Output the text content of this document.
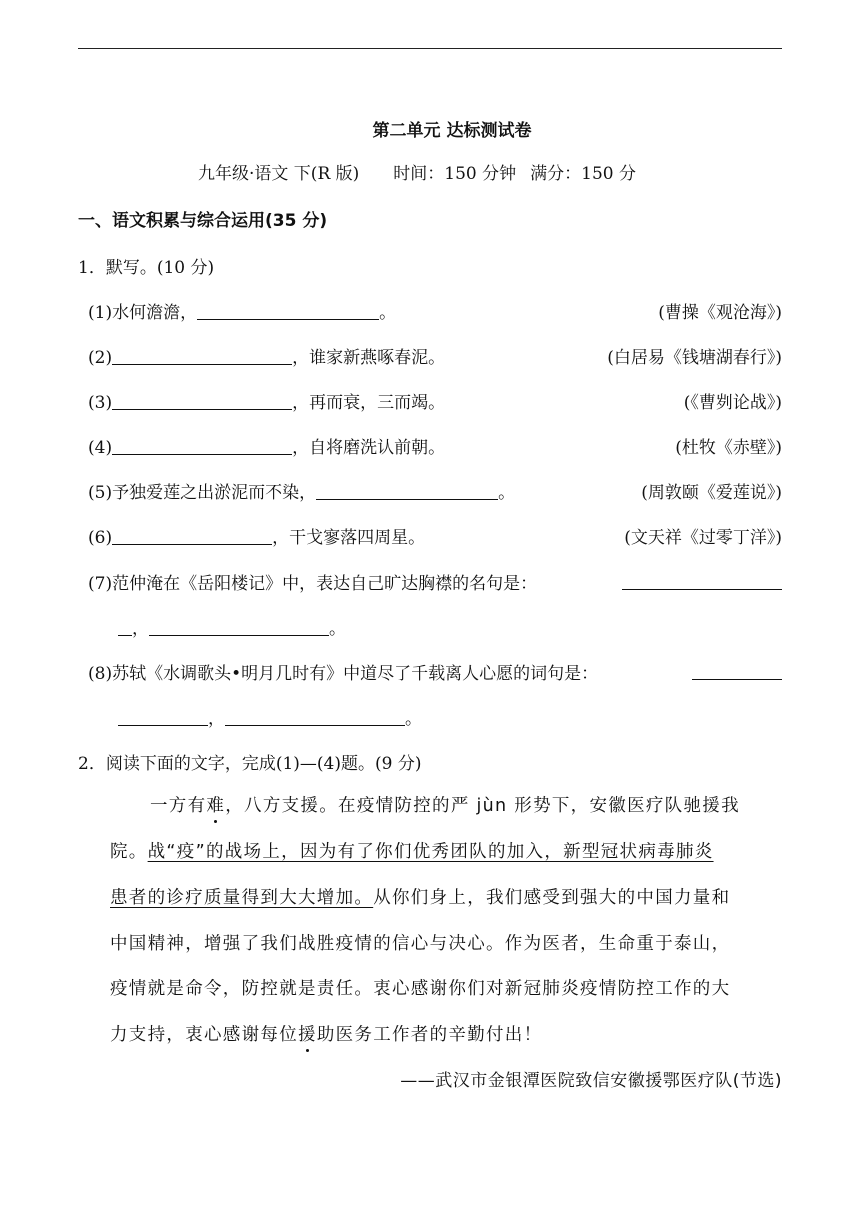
第二单元 达标测试卷
九年级·语文 下(R 版) 时间：150 分钟 满分：150 分
一、语文积累与综合运用(35 分)
1．默写。(10 分)
(1)水何澹澹，	。	(曹操《观沧海》)
(2)	，谁家新燕啄春泥。	(白居易《钱塘湖春行》)
(3)	，再而衰，三而竭。	(《曹刿论战》)
(4)	，自将磨洗认前朝。	(杜牧《赤壁》)
(5)予独爱莲之出淤泥而不染，	。	(周敦颐《爱莲说》)
(6)	，干戈寥落四周星。	(文天祥《过零丁洋》)
(7)范仲淹在《岳阳楼记》中，表达自己旷达胸襟的名句是：
，	。
(8)苏轼《水调歌头•明月几时有》中道尽了千载离人心愿的词句是：
，	。
2．阅读下面的文字，完成(1)—(4)题。(9 分)
一方有难，八方支援。在疫情防控的严 jùn 形势下，安徽医疗队驰援我
院。战“疫”的战场上，因为有了你们优秀团队的加入，新型冠状病毒肺炎
患者的诊疗质量得到大大增加。从你们身上，我们感受到强大的中国力量和
中国精神，增强了我们战胜疫情的信心与决心。作为医者，生命重于泰山，
疫情就是命令，防控就是责任。衷心感谢你们对新冠肺炎疫情防控工作的大
力支持，衷心感谢每位援助医务工作者的辛勤付出！
——武汉市金银潭医院致信安徽援鄂医疗队(节选)
